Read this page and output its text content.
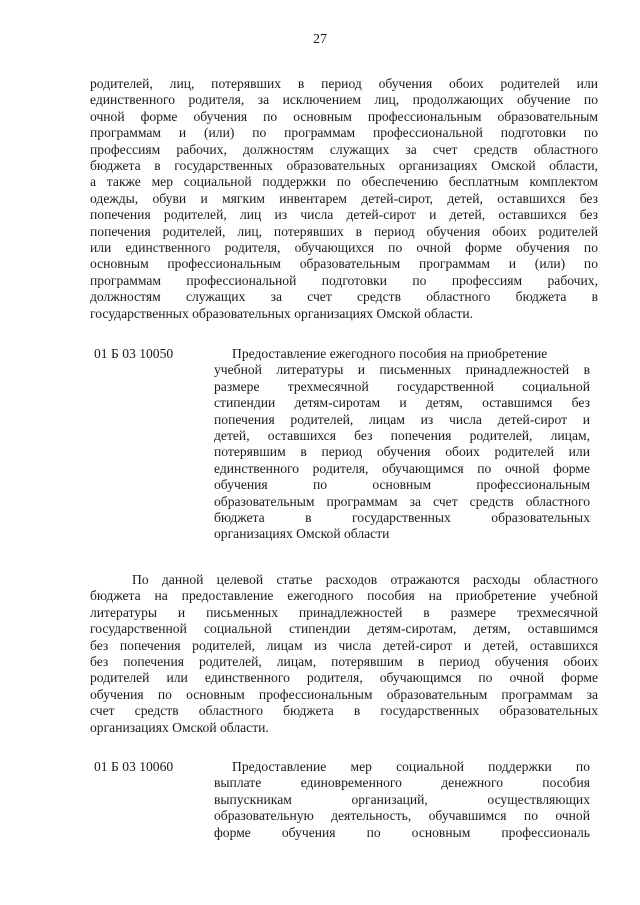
27
родителей, лиц, потерявших в период обучения обоих родителей или
единственного родителя, за исключением лиц, продолжающих обучение по
очной форме обучения по основным профессиональным образовательным
программам и (или) по программам профессиональной подготовки по
профессиям рабочих, должностям служащих за счет средств областного
бюджета в государственных образовательных организациях Омской области,
а также мер социальной поддержки по обеспечению бесплатным комплектом
одежды, обуви и мягким инвентарем детей-сирот, детей, оставшихся без
попечения родителей, лиц из числа детей-сирот и детей, оставшихся без
попечения родителей, лиц, потерявших в период обучения обоих родителей
или единственного родителя, обучающихся по очной форме обучения по
основным профессиональным образовательным программам и (или) по
программам профессиональной подготовки по профессиям рабочих,
должностям служащих за счет средств областного бюджета в
государственных образовательных организациях Омской области.
01 Б 03 10050	Предоставление ежегодного пособия на приобретение
учебной литературы и письменных принадлежностей в
размере трехмесячной государственной социальной
стипендии детям-сиротам и детям, оставшимся без
попечения родителей, лицам из числа детей-сирот и
детей, оставшихся без попечения родителей, лицам,
потерявшим в период обучения обоих родителей или
единственного родителя, обучающимся по очной форме
обучения по основным профессиональным
образовательным программам за счет средств областного
бюджета в государственных образовательных
организациях Омской области
По данной целевой статье расходов отражаются расходы областного
бюджета на предоставление ежегодного пособия на приобретение учебной
литературы и письменных принадлежностей в размере трехмесячной
государственной социальной стипендии детям-сиротам, детям, оставшимся
без попечения родителей, лицам из числа детей-сирот и детей, оставшихся
без попечения родителей, лицам, потерявшим в период обучения обоих
родителей или единственного родителя, обучающимся по очной форме
обучения по основным профессиональным образовательным программам за
счет средств областного бюджета в государственных образовательных
организациях Омской области.
01 Б 03 10060	Предоставление мер социальной поддержки по
выплате единовременного денежного пособия
выпускникам организаций, осуществляющих
образовательную деятельность, обучавшимся по очной
форме обучения по основным профессиональ
